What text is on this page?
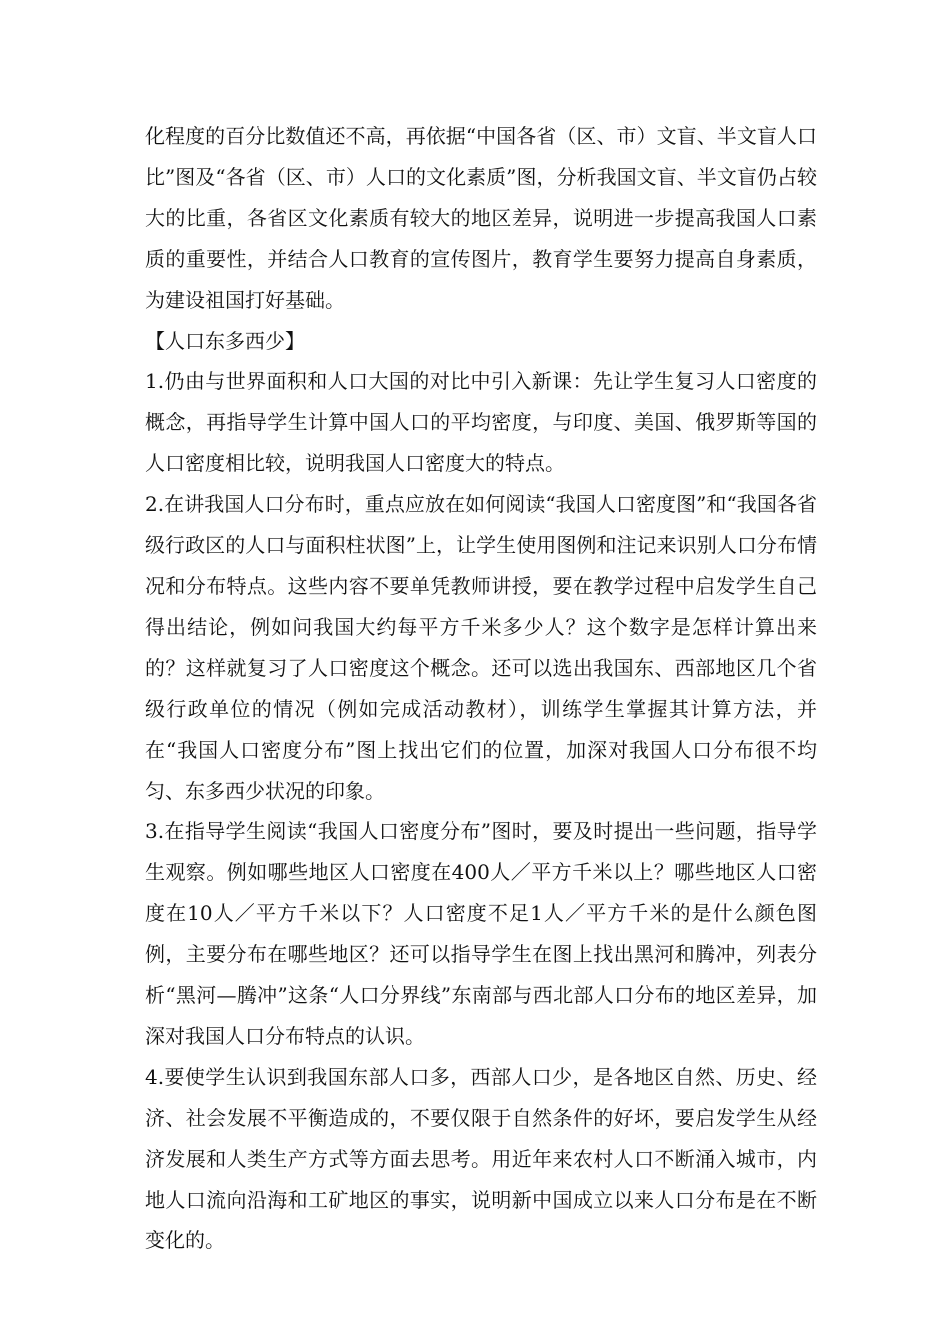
化程度的百分比数值还不高，再依据“中国各省（区、市）文盲、半文盲人口比”图及“各省（区、市）人口的文化素质”图，分析我国文盲、半文盲仍占较大的比重，各省区文化素质有较大的地区差异，说明进一步提高我国人口素质的重要性，并结合人口教育的宣传图片，教育学生要努力提高自身素质，为建设祖国打好基础。

【人口东多西少】

1.仍由与世界面积和人口大国的对比中引入新课：先让学生复习人口密度的概念，再指导学生计算中国人口的平均密度，与印度、美国、俄罗斯等国的人口密度相比较，说明我国人口密度大的特点。

2.在讲我国人口分布时，重点应放在如何阅读“我国人口密度图”和“我国各省级行政区的人口与面积柱状图”上，让学生使用图例和注记来识别人口分布情况和分布特点。这些内容不要单凭教师讲授，要在教学过程中启发学生自己得出结论，例如问我国大约每平方千米多少人？这个数字是怎样计算出来的？这样就复习了人口密度这个概念。还可以选出我国东、西部地区几个省级行政单位的情况（例如完成活动教材），训练学生掌握其计算方法，并在“我国人口密度分布”图上找出它们的位置，加深对我国人口分布很不均匀、东多西少状况的印象。

3.在指导学生阅读“我国人口密度分布”图时，要及时提出一些问题，指导学生观察。例如哪些地区人口密度在400人／平方千米以上？哪些地区人口密度在10人／平方千米以下？人口密度不足1人／平方千米的是什么颜色图例，主要分布在哪些地区？还可以指导学生在图上找出黑河和腾冲，列表分析“黑河—腾冲”这条“人口分界线”东南部与西北部人口分布的地区差异，加深对我国人口分布特点的认识。

4.要使学生认识到我国东部人口多，西部人口少，是各地区自然、历史、经济、社会发展不平衡造成的，不要仅限于自然条件的好坏，要启发学生从经济发展和人类生产方式等方面去思考。用近年来农村人口不断涌入城市，内地人口流向沿海和工矿地区的事实，说明新中国成立以来人口分布是在不断变化的。
